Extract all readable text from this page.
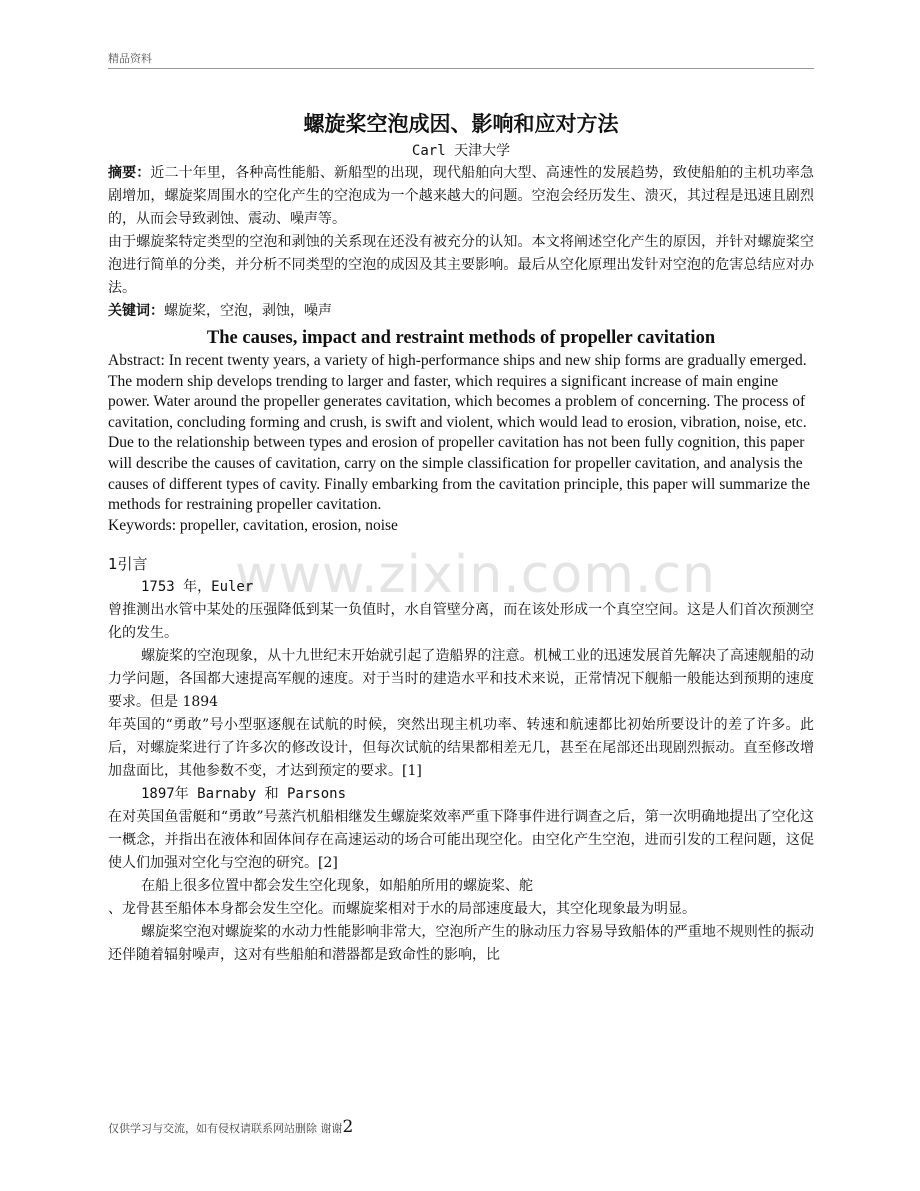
精品资料
www.zixin.com.cn
螺旋桨空泡成因、影响和应对方法
Carl 天津大学

摘要：近二十年里，各种高性能船、新船型的出现，现代船舶向大型、高速性的发展趋势，致使船舶的主机功率急剧增加，螺旋桨周围水的空化产生的空泡成为一个越来越大的问题。空泡会经历发生、溃灭，其过程是迅速且剧烈的，从而会导致剥蚀、震动、噪声等。

由于螺旋桨特定类型的空泡和剥蚀的关系现在还没有被充分的认知。本文将阐述空化产生的原因，并针对螺旋桨空泡进行简单的分类，并分析不同类型的空泡的成因及其主要影响。最后从空化原理出发针对空泡的危害总结应对办法。

关键词：螺旋桨，空泡，剥蚀，噪声

The causes, impact and restraint methods of propeller cavitation

Abstract: In recent twenty years, a variety of high-performance ships and new ship forms are gradually emerged. The modern ship develops trending to larger and faster, which requires a significant increase of main engine power. Water around the propeller generates cavitation, which becomes a problem of concerning. The process of cavitation, concluding forming and crush, is swift and violent, which would lead to erosion, vibration, noise, etc. Due to the relationship between types and erosion of propeller cavitation has not been fully cognition, this paper will describe the causes of cavitation, carry on the simple classification for propeller cavitation, and analysis the causes of different types of cavity. Finally embarking from the cavitation principle, this paper will summarize the methods for restraining propeller cavitation.

Keywords: propeller, cavitation, erosion, noise

1引言

1753 年，Euler

曾推测出水管中某处的压强降低到某一负值时，水自管壁分离，而在该处形成一个真空空间。这是人们首次预测空化的发生。

螺旋桨的空泡现象，从十九世纪末开始就引起了造船界的注意。机械工业的迅速发展首先解决了高速舰船的动力学问题，各国都大速提高军舰的速度。对于当时的建造水平和技术来说，正常情况下舰船一般能达到预期的速度要求。但是 1894

年英国的“勇敢”号小型驱逐舰在试航的时候，突然出现主机功率、转速和航速都比初始所要设计的差了许多。此后，对螺旋桨进行了许多次的修改设计，但每次试航的结果都相差无几，甚至在尾部还出现剧烈振动。直至修改增加盘面比，其他参数不变，才达到预定的要求。[1]

1897年 Barnaby 和 Parsons

在对英国鱼雷艇和“勇敢”号蒸汽机船相继发生螺旋桨效率严重下降事件进行调查之后，第一次明确地提出了空化这一概念，并指出在液体和固体间存在高速运动的场合可能出现空化。由空化产生空泡，进而引发的工程问题，这促使人们加强对空化与空泡的研究。[2]

在船上很多位置中都会发生空化现象，如船舶所用的螺旋桨、舵

、龙骨甚至船体本身都会发生空化。而螺旋桨相对于水的局部速度最大，其空化现象最为明显。

螺旋桨空泡对螺旋桨的水动力性能影响非常大，空泡所产生的脉动压力容易导致船体的严重地不规则性的振动还伴随着辐射噪声，这对有些船舶和潜器都是致命性的影响，比

仅供学习与交流，如有侵权请联系网站删除 谢谢2
